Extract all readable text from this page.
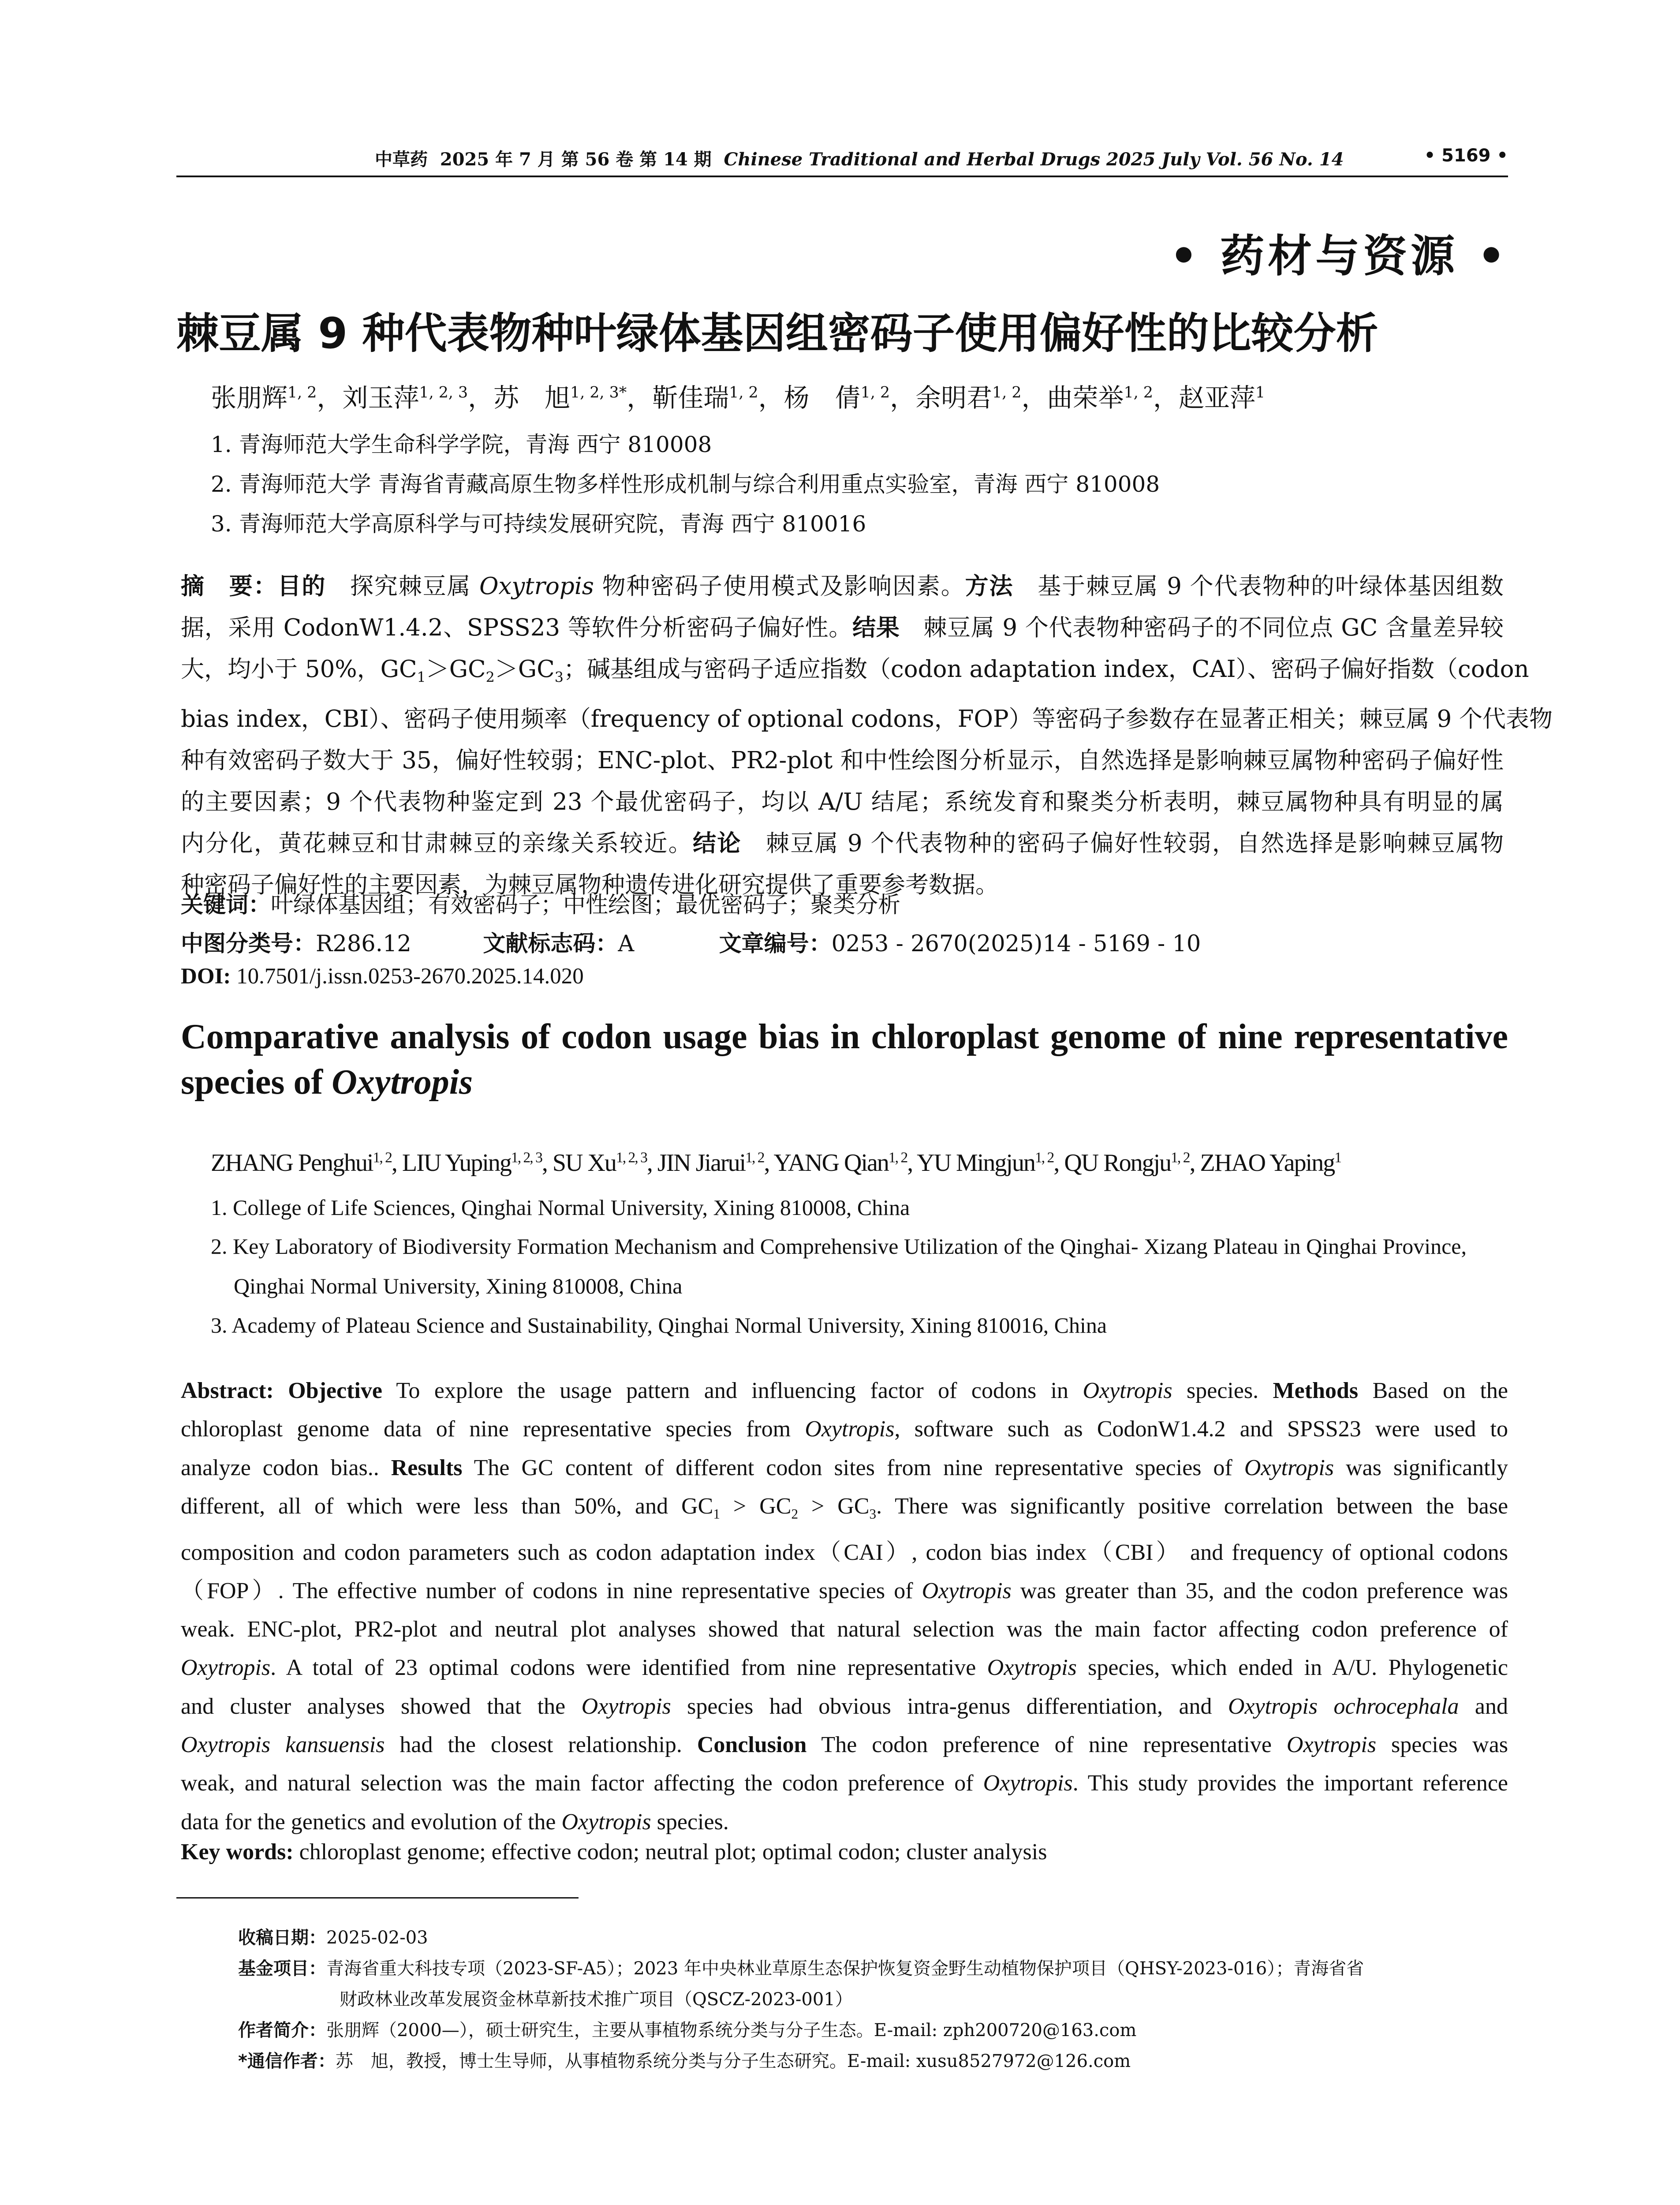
中草药 2025 年 7 月 第 56 卷 第 14 期 Chinese Traditional and Herbal Drugs 2025 July Vol. 56 No. 14	• 5169 •
• 药材与资源 •
棘豆属 9 种代表物种叶绿体基因组密码子使用偏好性的比较分析
张朋辉$^{1, 2}$，刘玉萍$^{1, 2, 3}$，苏　旭$^{1, 2, 3*}$，靳佳瑞$^{1, 2}$，杨　倩$^{1, 2}$，余明君$^{1, 2}$，曲荣举$^{1, 2}$，赵亚萍$^1$
1. 青海师范大学生命科学学院，青海 西宁 810008
2. 青海师范大学 青海省青藏高原生物多样性形成机制与综合利用重点实验室，青海 西宁 810008
3. 青海师范大学高原科学与可持续发展研究院，青海 西宁 810016
摘　要：目的　探究棘豆属 Oxytropis 物种密码子使用模式及影响因素。方法　基于棘豆属 9 个代表物种的叶绿体基因组数
据，采用 CodonW1.4.2、SPSS23 等软件分析密码子偏好性。结果　棘豆属 9 个代表物种密码子的不同位点 GC 含量差异较
大，均小于 50%，$GC_1>GC_2>GC_3$；碱基组成与密码子适应指数（codon adaptation index，CAI）、密码子偏好指数（codon
bias index，CBI）、密码子使用频率（frequency of optional codons，FOP）等密码子参数存在显著正相关；棘豆属 9 个代表物
种有效密码子数大于 35，偏好性较弱；ENC-plot、PR2-plot 和中性绘图分析显示，自然选择是影响棘豆属物种密码子偏好性
的主要因素；9 个代表物种鉴定到 23 个最优密码子，均以 A/U 结尾；系统发育和聚类分析表明，棘豆属物种具有明显的属
内分化，黄花棘豆和甘肃棘豆的亲缘关系较近。结论　棘豆属 9 个代表物种的密码子偏好性较弱，自然选择是影响棘豆属物
种密码子偏好性的主要因素，为棘豆属物种遗传进化研究提供了重要参考数据。
关键词：叶绿体基因组；有效密码子；中性绘图；最优密码子；聚类分析
中图分类号：R286.12	文献标志码：A	文章编号：0253 - 2670(2025)14 - 5169 - 10
DOI: 10.7501/j.issn.0253-2670.2025.14.020
Comparative analysis of codon usage bias in chloroplast genome of nine representative species of Oxytropis
ZHANG Penghui$^{1, 2}$, LIU Yuping$^{1, 2, 3}$, SU Xu$^{1, 2, 3}$, JIN Jiarui$^{1, 2}$, YANG Qian$^{1, 2}$, YU Mingjun$^{1, 2}$, QU Rongju$^{1, 2}$, ZHAO Yaping$^1$
1. College of Life Sciences, Qinghai Normal University, Xining 810008, China
2. Key Laboratory of Biodiversity Formation Mechanism and Comprehensive Utilization of the Qinghai- Xizang Plateau in Qinghai Province, Qinghai Normal University, Xining 810008, China
3. Academy of Plateau Science and Sustainability, Qinghai Normal University, Xining 810016, China
Abstract: Objective To explore the usage pattern and influencing factor of codons in Oxytropis species. Methods Based on the
chloroplast genome data of nine representative species from Oxytropis, software such as CodonW1.4.2 and SPSS23 were used to
analyze codon bias.. Results The GC content of different codon sites from nine representative species of Oxytropis was significantly
different, all of which were less than 50%, and $GC_1 > GC_2 > GC_3$. There was significantly positive correlation between the base
composition and codon parameters such as codon adaptation index（CAI）, codon bias index（CBI） and frequency of optional codons
（FOP）. The effective number of codons in nine representative species of Oxytropis was greater than 35, and the codon preference was
weak. ENC-plot, PR2-plot and neutral plot analyses showed that natural selection was the main factor affecting codon preference of
Oxytropis. A total of 23 optimal codons were identified from nine representative Oxytropis species, which ended in A/U. Phylogenetic
and cluster analyses showed that the Oxytropis species had obvious intra-genus differentiation, and Oxytropis ochrocephala and
Oxytropis kansuensis had the closest relationship. Conclusion The codon preference of nine representative Oxytropis species was
weak, and natural selection was the main factor affecting the codon preference of Oxytropis. This study provides the important reference
data for the genetics and evolution of the Oxytropis species.
Key words: chloroplast genome; effective codon; neutral plot; optimal codon; cluster analysis
收稿日期：2025-02-03
基金项目：青海省重大科技专项（2023-SF-A5）；2023 年中央林业草原生态保护恢复资金野生动植物保护项目（QHSY-2023-016）；青海省省
财政林业改革发展资金林草新技术推广项目（QSCZ-2023-001）
作者简介：张朋辉（2000—），硕士研究生，主要从事植物系统分类与分子生态。E-mail: zph200720@163.com
*通信作者：苏　旭，教授，博士生导师，从事植物系统分类与分子生态研究。E-mail: xusu8527972@126.com
